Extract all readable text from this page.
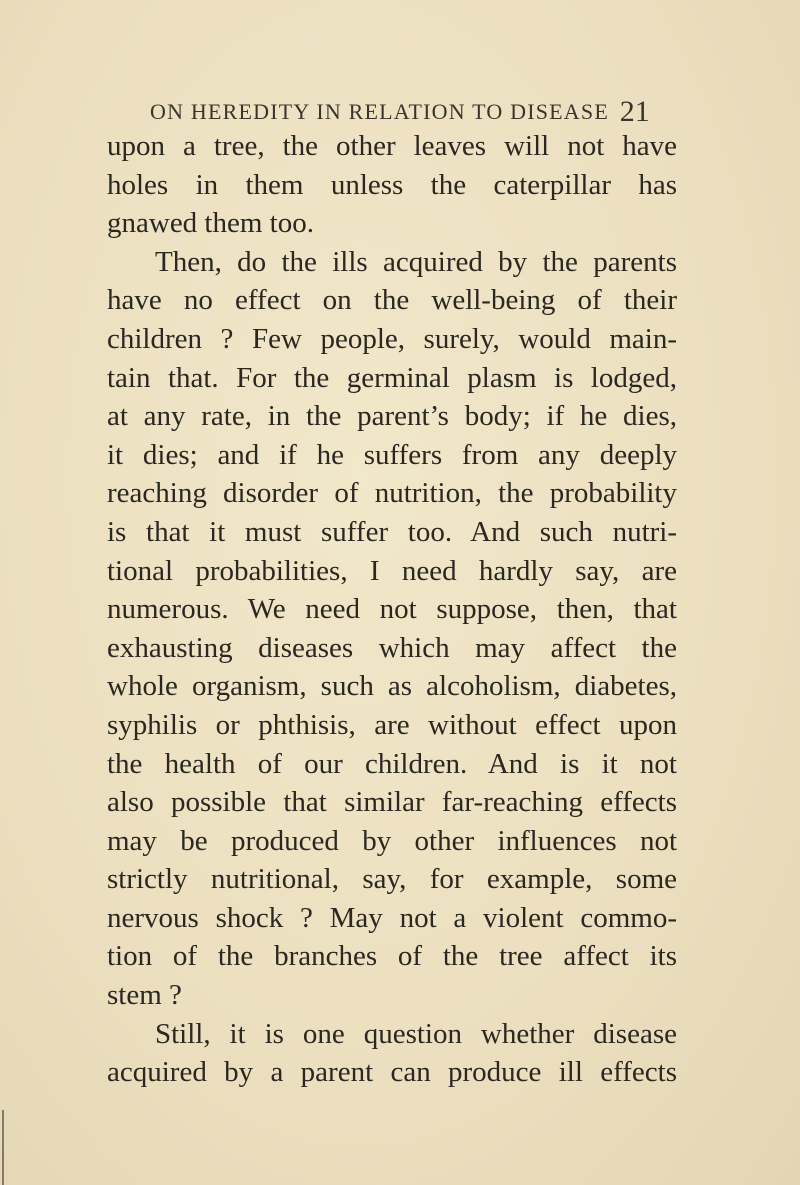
ON HEREDITY IN RELATION TO DISEASE 21
upon a tree, the other leaves will not have
holes in them unless the caterpillar has
gnawed them too.
Then, do the ills acquired by the parents
have no effect on the well-being of their
children ? Few people, surely, would main-
tain that. For the germinal plasm is lodged,
at any rate, in the parent’s body; if he dies,
it dies; and if he suffers from any deeply
reaching disorder of nutrition, the probability
is that it must suffer too. And such nutri-
tional probabilities, I need hardly say, are
numerous. We need not suppose, then, that
exhausting diseases which may affect the
whole organism, such as alcoholism, diabetes,
syphilis or phthisis, are without effect upon
the health of our children. And is it not
also possible that similar far-reaching effects
may be produced by other influences not
strictly nutritional, say, for example, some
nervous shock ? May not a violent commo-
tion of the branches of the tree affect its
stem ?
Still, it is one question whether disease
acquired by a parent can produce ill effects
